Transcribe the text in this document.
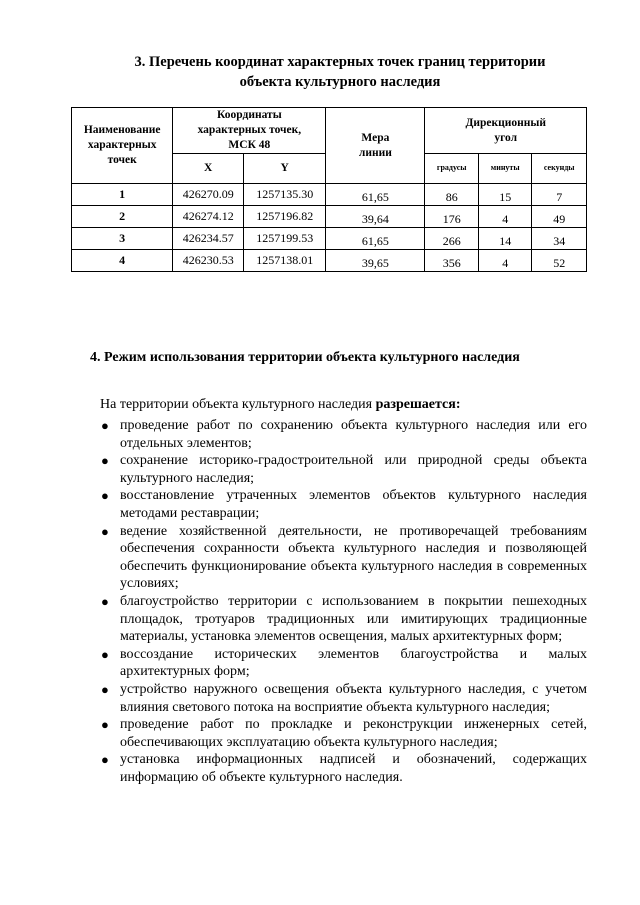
3. Перечень координат характерных точек границ территории
объекта культурного наследия
Наименование характерных точек	Координаты характерных точек, МСК 48		Мера линии	Дирекционный угол		
	X	Y		градусы	минуты	секунды
1	426270.09	1257135.30	61,65	86	15	7
2	426274.12	1257196.82	39,64	176	4	49
3	426234.57	1257199.53	61,65	266	14	34
4	426230.53	1257138.01	39,65	356	4	52
4. Режим использования территории объекта культурного наследия
На территории объекта культурного наследия разрешается:
● проведение работ по сохранению объекта культурного наследия или его отдельных элементов;
● сохранение историко-градостроительной или природной среды объекта культурного наследия;
● восстановление утраченных элементов объектов культурного наследия методами реставрации;
● ведение хозяйственной деятельности, не противоречащей требованиям обеспечения сохранности объекта культурного наследия и позволяющей обеспечить функционирование объекта культурного наследия в современных условиях;
● благоустройство территории с использованием в покрытии пешеходных площадок, тротуаров традиционных или имитирующих традиционные материалы, установка элементов освещения, малых архитектурных форм;
● воссоздание исторических элементов благоустройства и малых архитектурных форм;
● устройство наружного освещения объекта культурного наследия, с учетом влияния светового потока на восприятие объекта культурного наследия;
● проведение работ по прокладке и реконструкции инженерных сетей, обеспечивающих эксплуатацию объекта культурного наследия;
● установка информационных надписей и обозначений, содержащих информацию об объекте культурного наследия.
